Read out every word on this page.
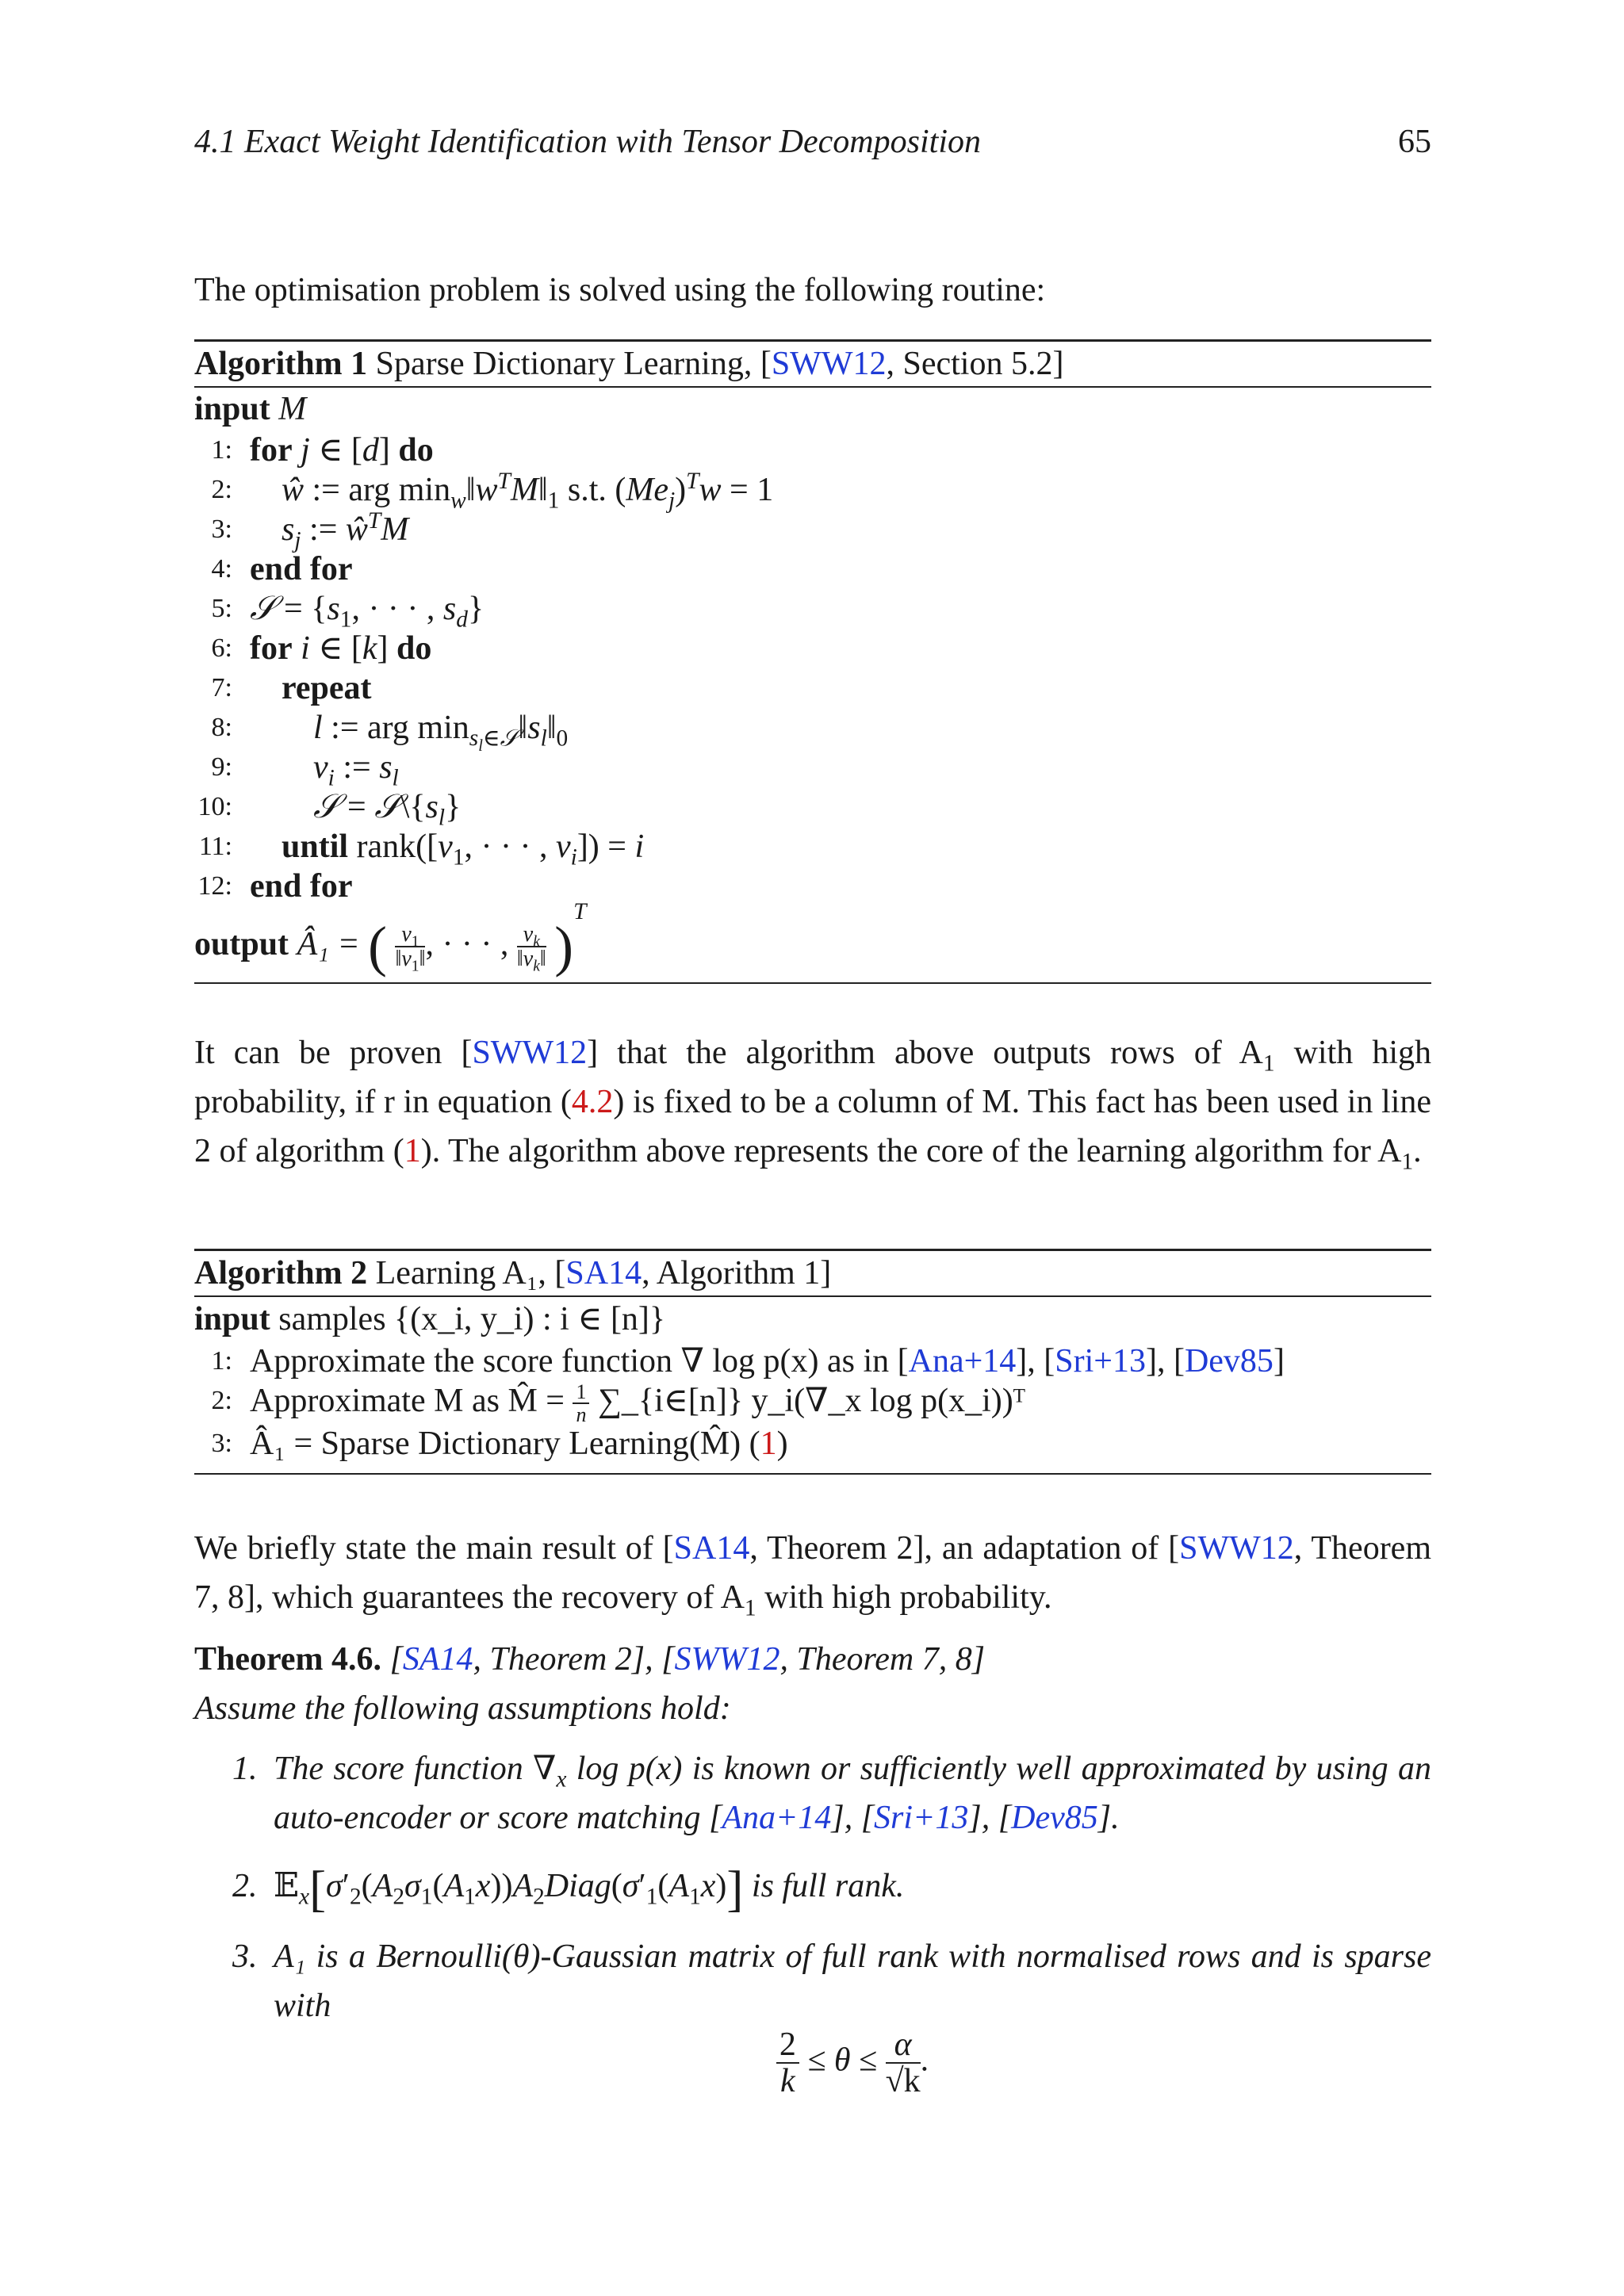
4.1 Exact Weight Identification with Tensor Decomposition	65
The optimisation problem is solved using the following routine:
Algorithm 1 Sparse Dictionary Learning, [SWW12, Section 5.2]
input M
1: for j ∈ [d] do
2: ŵ := arg $\min_w‖w^TM‖_1$ s.t. $(Me_j)^Tw = 1$
3: $s_j$ := $ŵ^TM$
4: end for
5: 𝒮 = {$s_1$, · · · , $s_d$}
6: for i ∈ [k] do
7: repeat
8: l := arg $\min_{s_l\in 𝒮}‖s_l‖_0$
9: $v_i$ := $s_l$
10: 𝒮 = $𝒮\backslash\{s_l\}$
11: until $rank([v_1$, · · · , $v_i]) = i$
12: end for
output Â₁ = ( $\frac{v_1}{‖v_1‖}$ , · · · , $\frac{v_k}{‖v_k‖} )^T$
It can be proven [SWW12] that the algorithm above outputs rows of $A_1$ with high probability, if r in equation (4.2) is fixed to be a column of M. This fact has been used in line 2 of algorithm (1). The algorithm above represents the core of the learning algorithm for $A_1$.
Algorithm 2 Learning A₁, [SA14, Algorithm 1]
input samples {(x_i, y_i) : i ∈ [n]}
1: Approximate the score function ∇ log p(x) as in [Ana+14], [Sri+13], [Dev85]
2: Approximate M as M̂ = $\frac{1}{n}$ ∑_{i∈[n]} y_i(∇_x log p(x_i))ᵀ
3: Â₁ = Sparse Dictionary Learning(M̂) (1)
We briefly state the main result of [SA14, Theorem 2], an adaptation of [SWW12, Theorem 7, 8], which guarantees the recovery of $A_1$ with high probability.
Theorem 4.6. [SA14, Theorem 2], [SWW12, Theorem 7, 8]
Assume the following assumptions hold:
1. The score function $\nabla_x$ log p(x) is known or sufficiently well approximated by using an auto-encoder or score matching [Ana+14], [Sri+13], [Dev85].
2. $𝔼_x[\sigma'_2(A_2\sigma_1(A_1x))A_2Diag(\sigma'_1(A_1x)]$ is full rank.
3. A₁ is a Bernoulli(θ)-Gaussian matrix of full rank with normalised rows and is sparse with
$\frac{2}{k} \le \theta \le \frac{\alpha}{√k}$ .
